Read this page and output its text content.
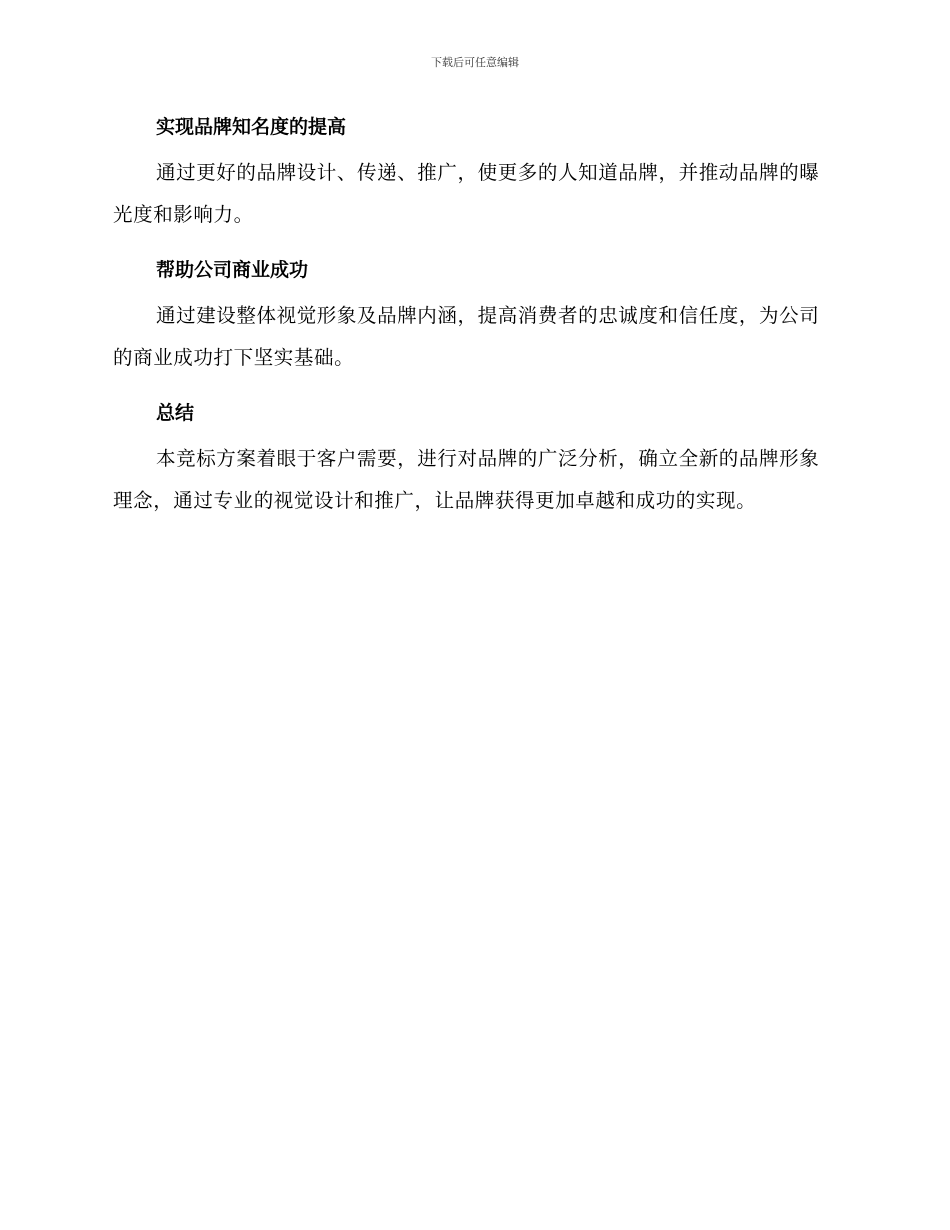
下载后可任意编辑
实现品牌知名度的提高

通过更好的品牌设计、传递、推广，使更多的人知道品牌，并推动品牌的曝光度和影响力。

帮助公司商业成功

通过建设整体视觉形象及品牌内涵，提高消费者的忠诚度和信任度，为公司的商业成功打下坚实基础。

总结

本竞标方案着眼于客户需要，进行对品牌的广泛分析，确立全新的品牌形象理念，通过专业的视觉设计和推广，让品牌获得更加卓越和成功的实现。
